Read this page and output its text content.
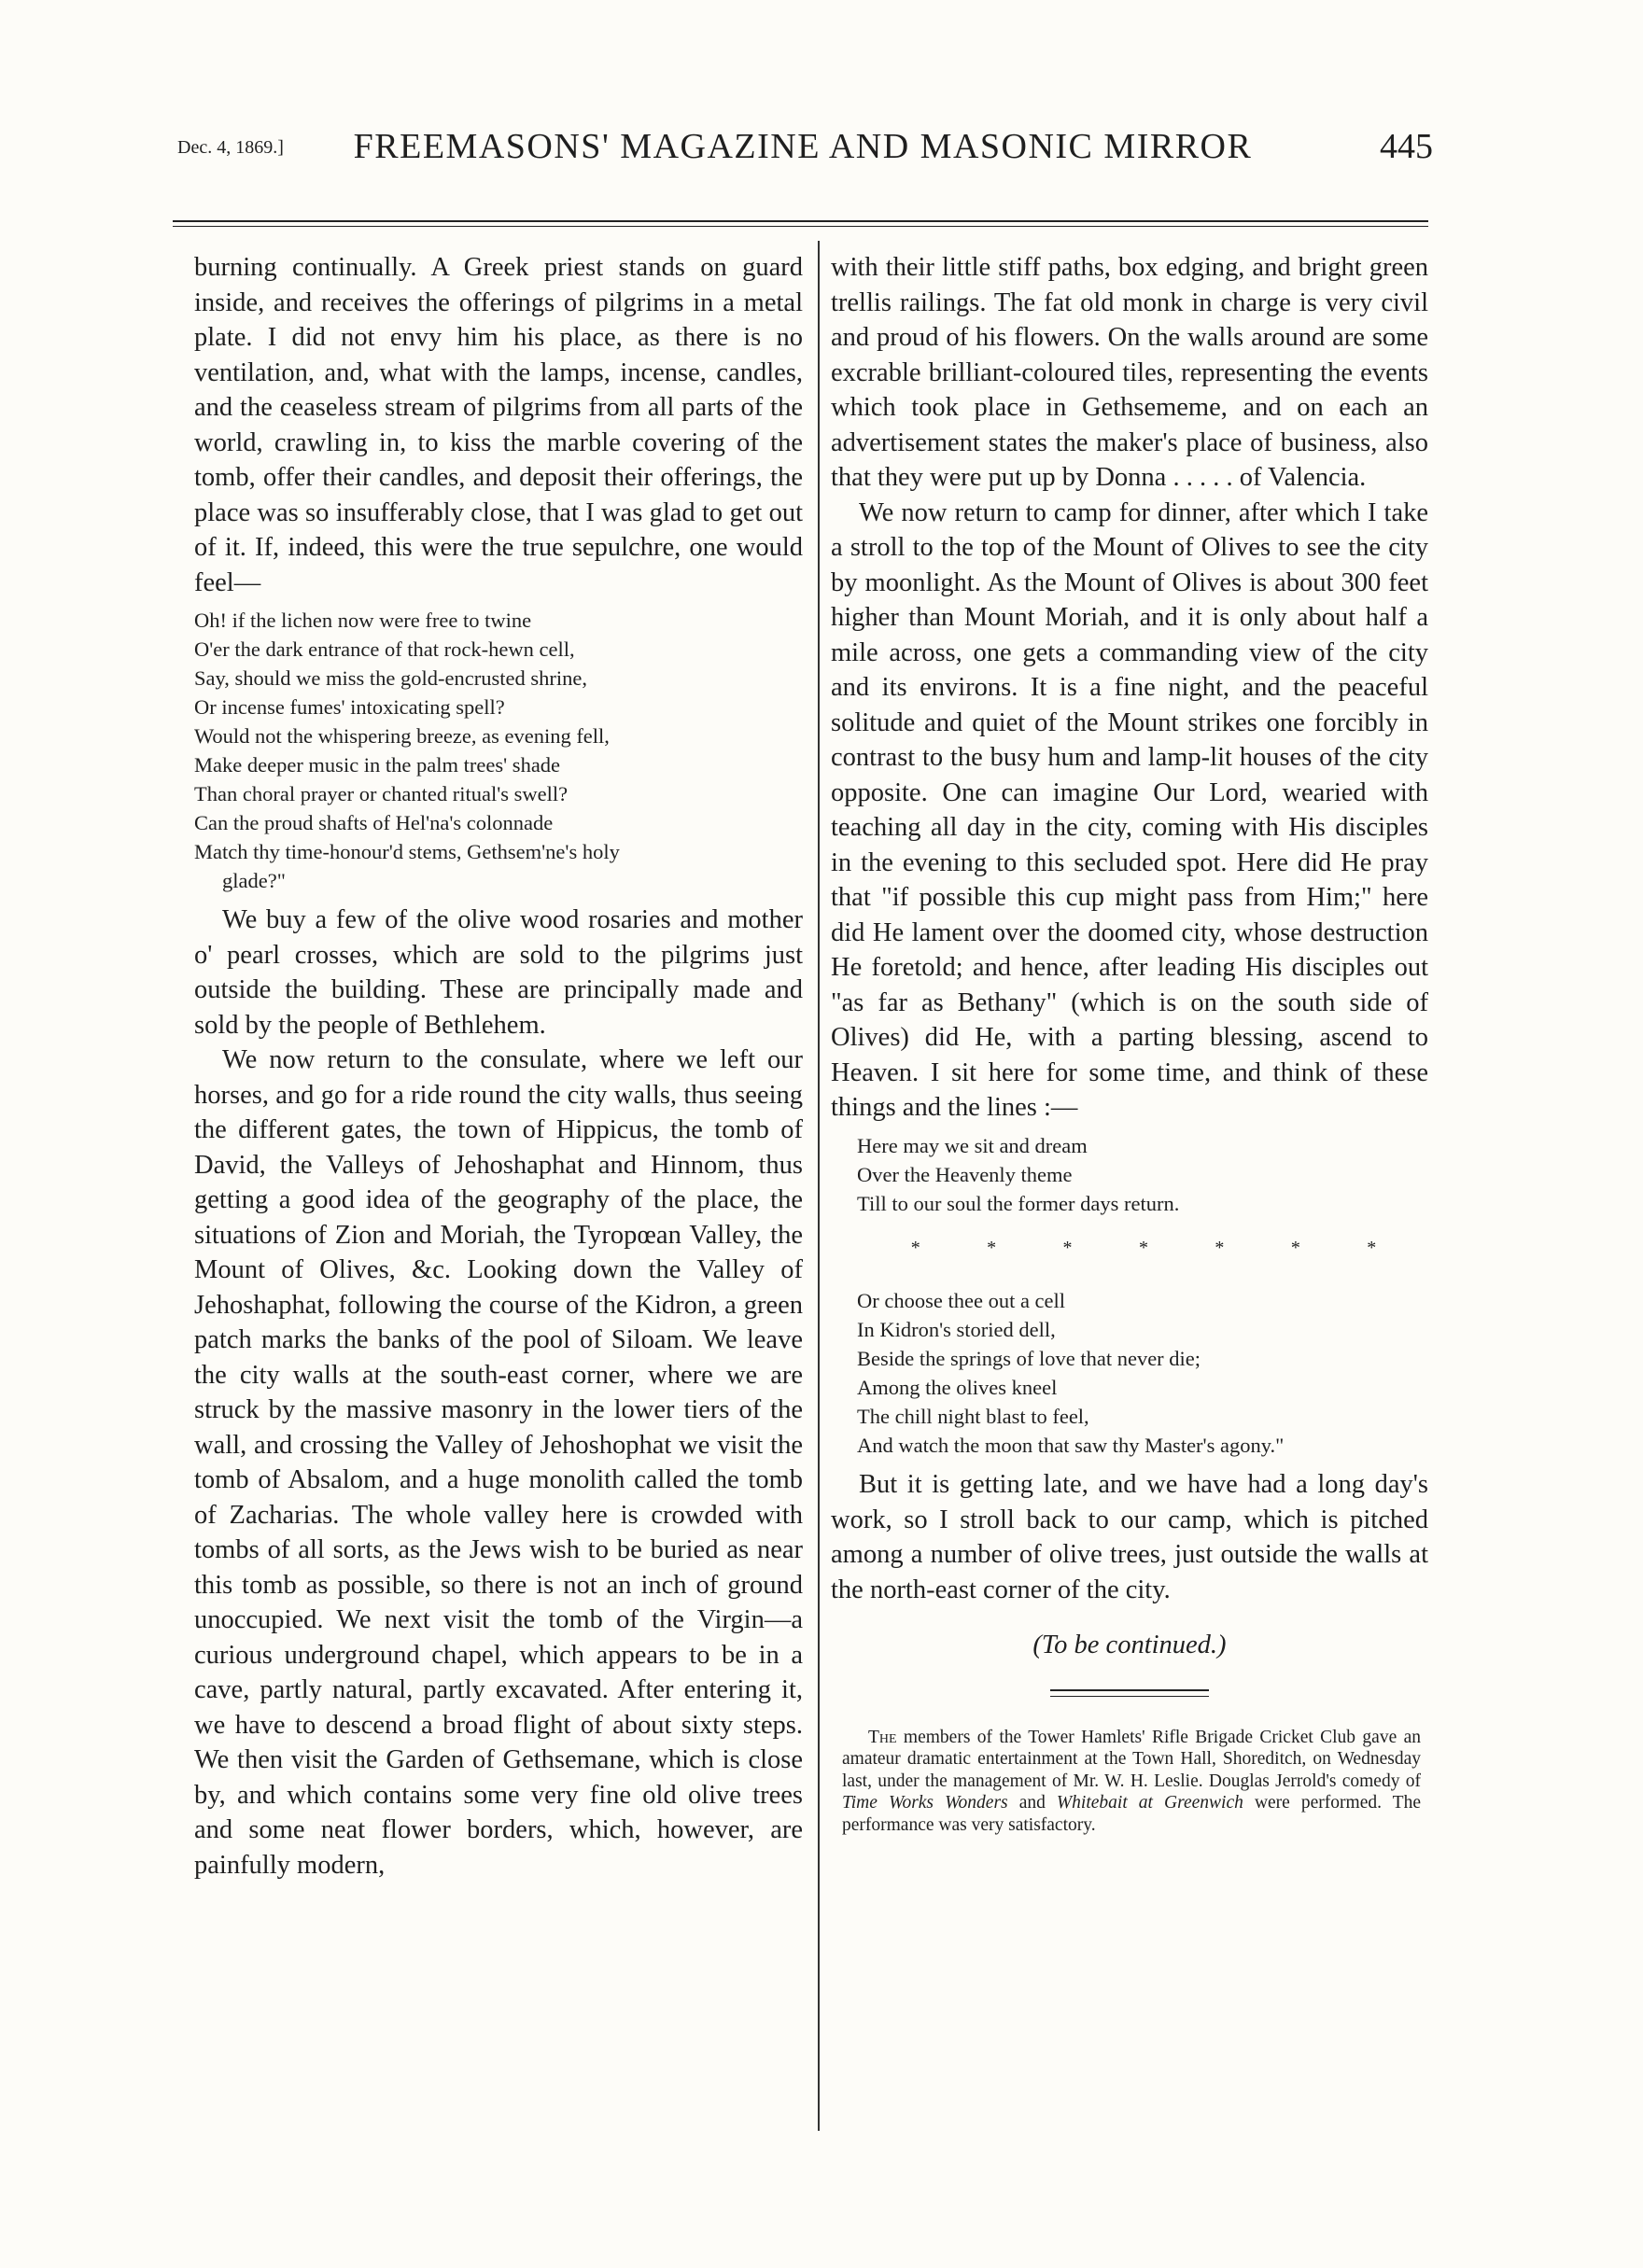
Dec. 4, 1869.]	FREEMASONS' MAGAZINE AND MASONIC MIRROR	445

burning continually. A Greek priest stands on guard inside, and receives the offerings of pilgrims in a metal plate. I did not envy him his place, as there is no ventilation, and, what with the lamps, incense, candles, and the ceaseless stream of pilgrims from all parts of the world, crawling in, to kiss the marble covering of the tomb, offer their candles, and deposit their offerings, the place was so insufferably close, that I was glad to get out of it. If, indeed, this were the true sepulchre, one would feel—

Oh! if the lichen now were free to twine
O'er the dark entrance of that rock-hewn cell,
Say, should we miss the gold-encrusted shrine,
Or incense fumes' intoxicating spell?
Would not the whispering breeze, as evening fell,
Make deeper music in the palm trees' shade
Than choral prayer or chanted ritual's swell?
Can the proud shafts of Hel'na's colonnade
Match thy time-honour'd stems, Gethsem'ne's holy
glade?"

We buy a few of the olive wood rosaries and mother o' pearl crosses, which are sold to the pilgrims just outside the building. These are principally made and sold by the people of Bethlehem.

We now return to the consulate, where we left our horses, and go for a ride round the city walls, thus seeing the different gates, the town of Hippicus, the tomb of David, the Valleys of Jehoshaphat and Hinnom, thus getting a good idea of the geography of the place, the situations of Zion and Moriah, the Tyropœan Valley, the Mount of Olives, &c. Looking down the Valley of Jehoshaphat, following the course of the Kidron, a green patch marks the banks of the pool of Siloam. We leave the city walls at the south-east corner, where we are struck by the massive masonry in the lower tiers of the wall, and crossing the Valley of Jehoshophat we visit the tomb of Absalom, and a huge monolith called the tomb of Zacharias. The whole valley here is crowded with tombs of all sorts, as the Jews wish to be buried as near this tomb as possible, so there is not an inch of ground unoccupied. We next visit the tomb of the Virgin—a curious underground chapel, which appears to be in a cave, partly natural, partly excavated. After entering it, we have to descend a broad flight of about sixty steps. We then visit the Garden of Gethsemane, which is close by, and which contains some very fine old olive trees and some neat flower borders, which, however, are painfully modern,

with their little stiff paths, box edging, and bright green trellis railings. The fat old monk in charge is very civil and proud of his flowers. On the walls around are some excrable brilliant-coloured tiles, representing the events which took place in Gethsememe, and on each an advertisement states the maker's place of business, also that they were put up by Donna . . . . . of Valencia.

We now return to camp for dinner, after which I take a stroll to the top of the Mount of Olives to see the city by moonlight. As the Mount of Olives is about 300 feet higher than Mount Moriah, and it is only about half a mile across, one gets a commanding view of the city and its environs. It is a fine night, and the peaceful solitude and quiet of the Mount strikes one forcibly in contrast to the busy hum and lamp-lit houses of the city opposite. One can imagine Our Lord, wearied with teaching all day in the city, coming with His disciples in the evening to this secluded spot. Here did He pray that "if possible this cup might pass from Him;" here did He lament over the doomed city, whose destruction He foretold; and hence, after leading His disciples out "as far as Bethany" (which is on the south side of Olives) did He, with a parting blessing, ascend to Heaven. I sit here for some time, and think of these things and the lines :—

Here may we sit and dream
Over the Heavenly theme
Till to our soul the former days return.
*	*	*	*	*	*	*
Or choose thee out a cell
In Kidron's storied dell,
Beside the springs of love that never die;
Among the olives kneel
The chill night blast to feel,
And watch the moon that saw thy Master's agony."

But it is getting late, and we have had a long day's work, so I stroll back to our camp, which is pitched among a number of olive trees, just outside the walls at the north-east corner of the city.

(To be continued.)

The members of the Tower Hamlets' Rifle Brigade Cricket Club gave an amateur dramatic entertainment at the Town Hall, Shoreditch, on Wednesday last, under the management of Mr. W. H. Leslie. Douglas Jerrold's comedy of Time Works Wonders and Whitebait at Greenwich were performed. The performance was very satisfactory.
